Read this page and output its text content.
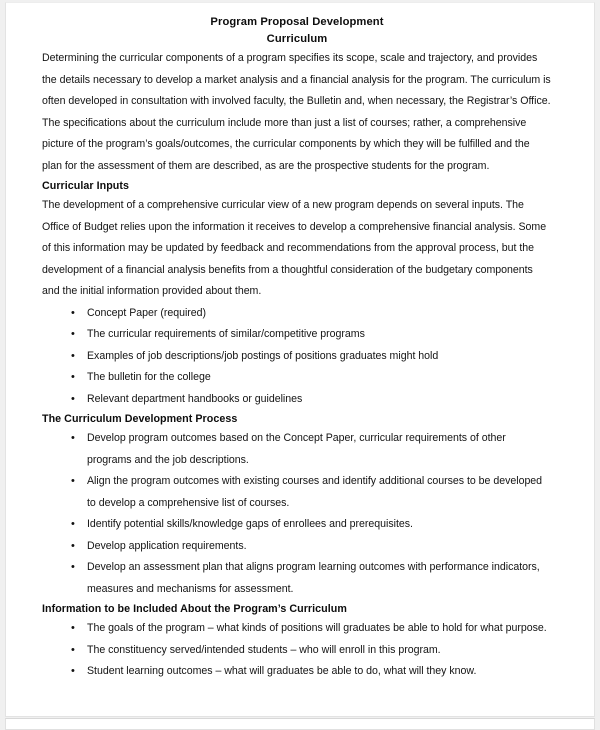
Program Proposal Development
Curriculum

Determining the curricular components of a program specifies its scope, scale and trajectory, and provides the details necessary to develop a market analysis and a financial analysis for the program. The curriculum is often developed in consultation with involved faculty, the Bulletin and, when necessary, the Registrar’s Office.

The specifications about the curriculum include more than just a list of courses; rather, a comprehensive picture of the program’s goals/outcomes, the curricular components by which they will be fulfilled and the plan for the assessment of them are described, as are the prospective students for the program.

Curricular Inputs

The development of a comprehensive curricular view of a new program depends on several inputs. The Office of Budget relies upon the information it receives to develop a comprehensive financial analysis. Some of this information may be updated by feedback and recommendations from the approval process, but the development of a financial analysis benefits from a thoughtful consideration of the budgetary components and the initial information provided about them.

• Concept Paper (required)
• The curricular requirements of similar/competitive programs
• Examples of job descriptions/job postings of positions graduates might hold
• The bulletin for the college
• Relevant department handbooks or guidelines
The Curriculum Development Process
• Develop program outcomes based on the Concept Paper, curricular requirements of other programs and the job descriptions.
• Align the program outcomes with existing courses and identify additional courses to be developed to develop a comprehensive list of courses.
• Identify potential skills/knowledge gaps of enrollees and prerequisites.
• Develop application requirements.
• Develop an assessment plan that aligns program learning outcomes with performance indicators, measures and mechanisms for assessment.
Information to be Included About the Program’s Curriculum
• The goals of the program – what kinds of positions will graduates be able to hold for what purpose.
• The constituency served/intended students – who will enroll in this program.
• Student learning outcomes – what will graduates be able to do, what will they know.
